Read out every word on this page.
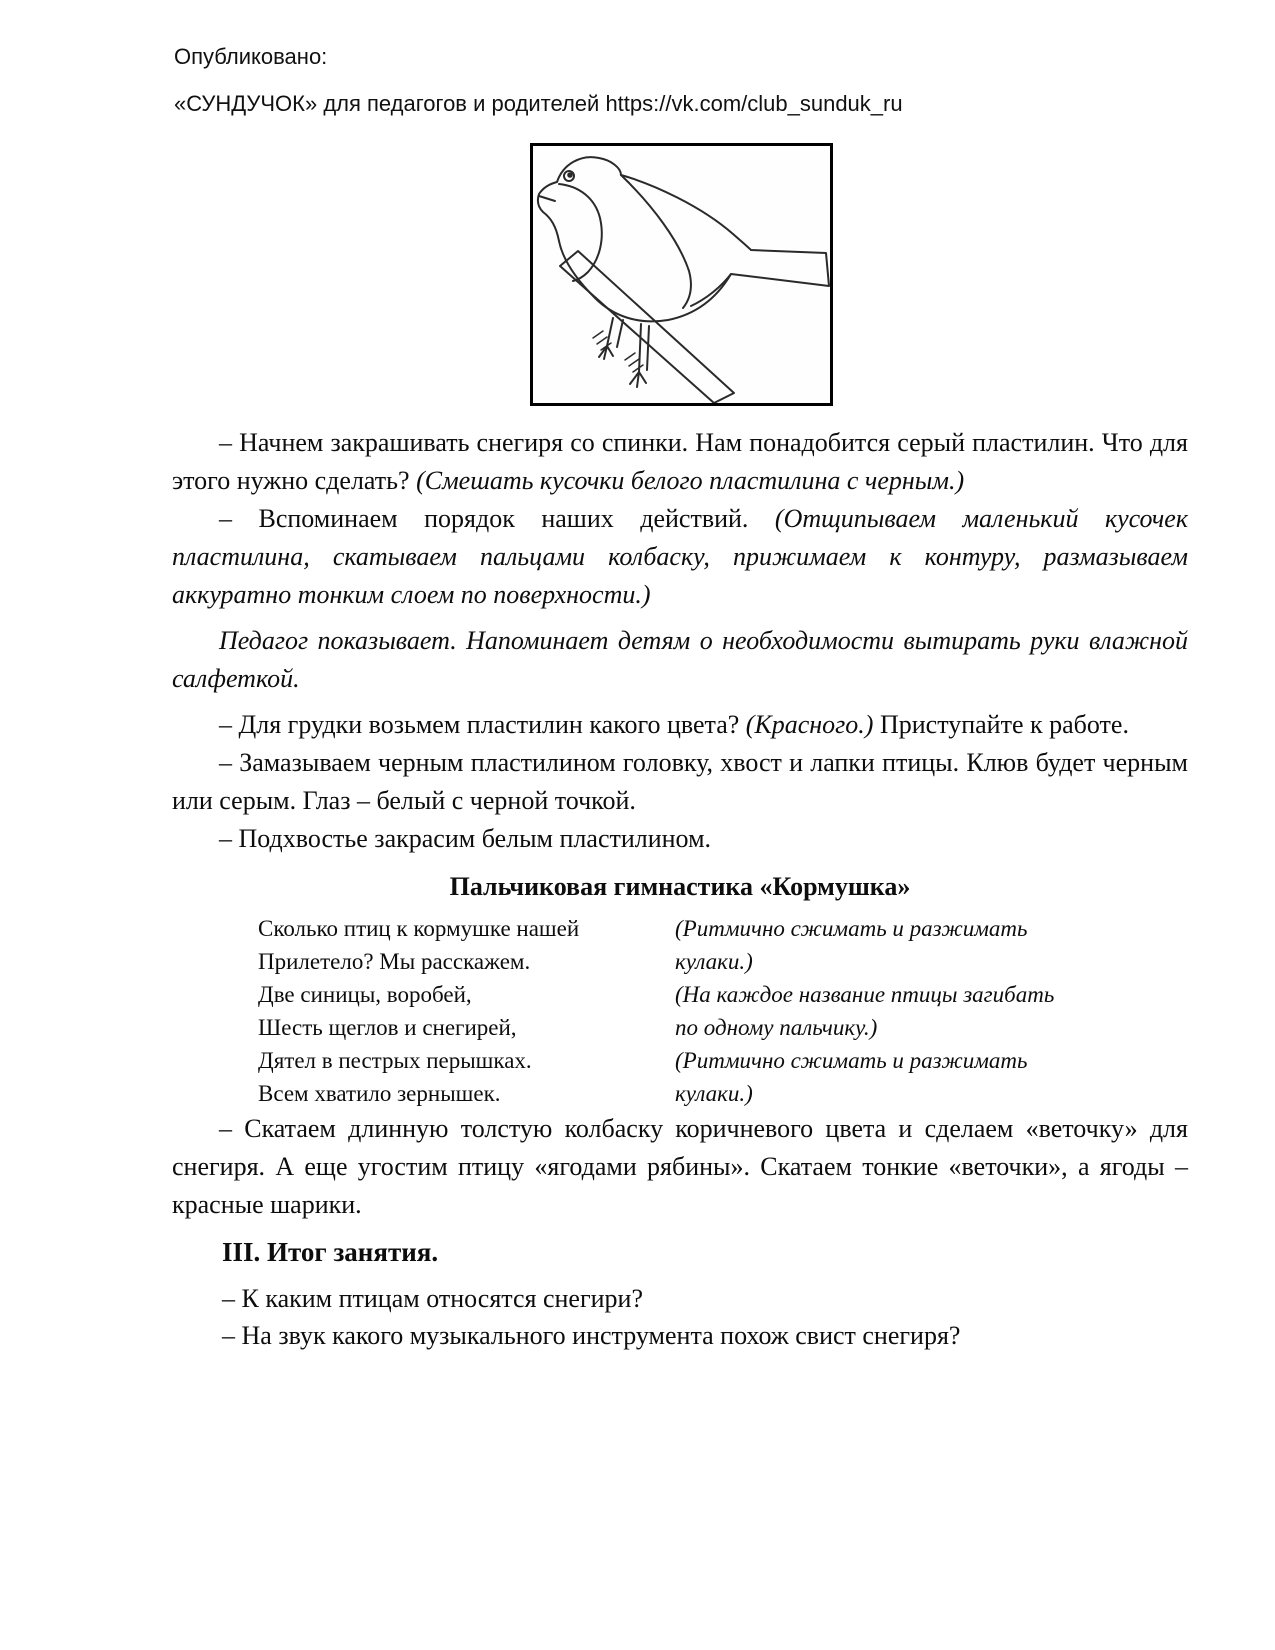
Опубликовано:
«СУНДУЧОК» для педагогов и родителей https://vk.com/club_sunduk_ru
– Начнем закрашивать снегиря со спинки. Нам понадобится серый пластилин. Что для этого нужно сделать? (Смешать кусочки белого пластилина с черным.)
– Вспоминаем порядок наших действий. (Отщипываем маленький кусочек пластилина, скатываем пальцами колбаску, прижимаем к контуру, размазываем аккуратно тонким слоем по поверхности.)
Педагог показывает. Напоминает детям о необходимости вытирать руки влажной салфеткой.
– Для грудки возьмем пластилин какого цвета? (Красного.) Приступайте к работе.
– Замазываем черным пластилином головку, хвост и лапки птицы. Клюв будет черным или серым. Глаз – белый с черной точкой.
– Подхвостье закрасим белым пластилином.
Пальчиковая гимнастика «Кормушка»
Сколько птиц к кормушке нашей	(Ритмично сжимать и разжимать
Прилетело? Мы расскажем.	кулаки.)
Две синицы, воробей,	(На каждое название птицы загибать
Шесть щеглов и снегирей,	по одному пальчику.)
Дятел в пестрых перышках.	(Ритмично сжимать и разжимать
Всем хватило зернышек.	кулаки.)
– Скатаем длинную толстую колбаску коричневого цвета и сделаем «веточку» для снегиря. А еще угостим птицу «ягодами рябины». Скатаем тонкие «веточки», а ягоды – красные шарики.
III. Итог занятия.
– К каким птицам относятся снегири?
– На звук какого музыкального инструмента похож свист снегиря?
